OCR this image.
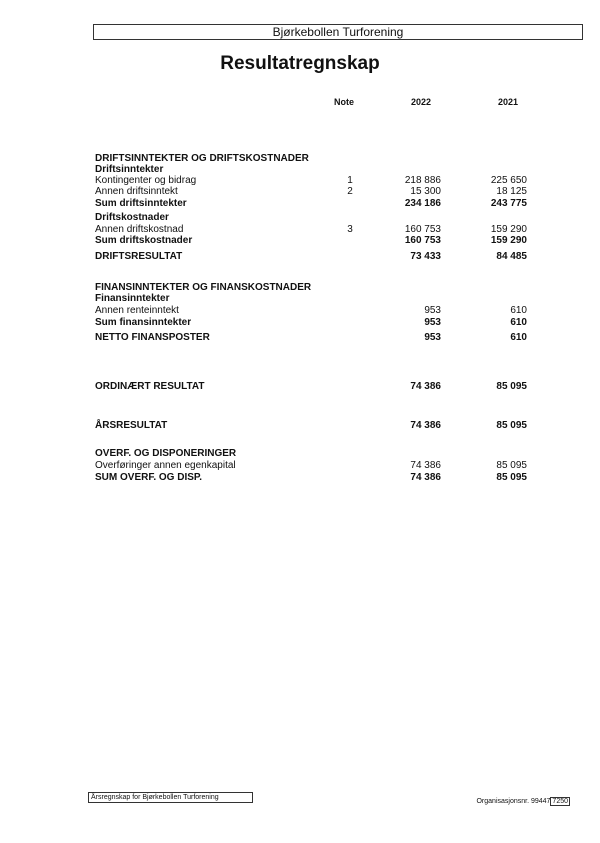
Bjørkebollen Turforening
Resultatregnskap
Note	2022	2021
DRIFTSINNTEKTER OG DRIFTSKOSTNADER
Driftsinntekter
Kontingenter og bidrag	1	218 886	225 650
Annen driftsinntekt	2	15 300	18 125
Sum driftsinntekter	234 186	243 775
Driftskostnader
Annen driftskostnad	3	160 753	159 290
Sum driftskostnader	160 753	159 290
DRIFTSRESULTAT	73 433	84 485
FINANSINNTEKTER OG FINANSKOSTNADER
Finansinntekter
Annen renteinntekt	953	610
Sum finansinntekter	953	610
NETTO FINANSPOSTER	953	610
ORDINÆRT RESULTAT	74 386	85 095
ÅRSRESULTAT	74 386	85 095
OVERF. OG DISPONERINGER
Overføringer annen egenkapital	74 386	85 095
SUM OVERF. OG DISP.	74 386	85 095
Årsregnskap for Bjørkebollen Turforening
Organisasjonsnr. 99447 7250
